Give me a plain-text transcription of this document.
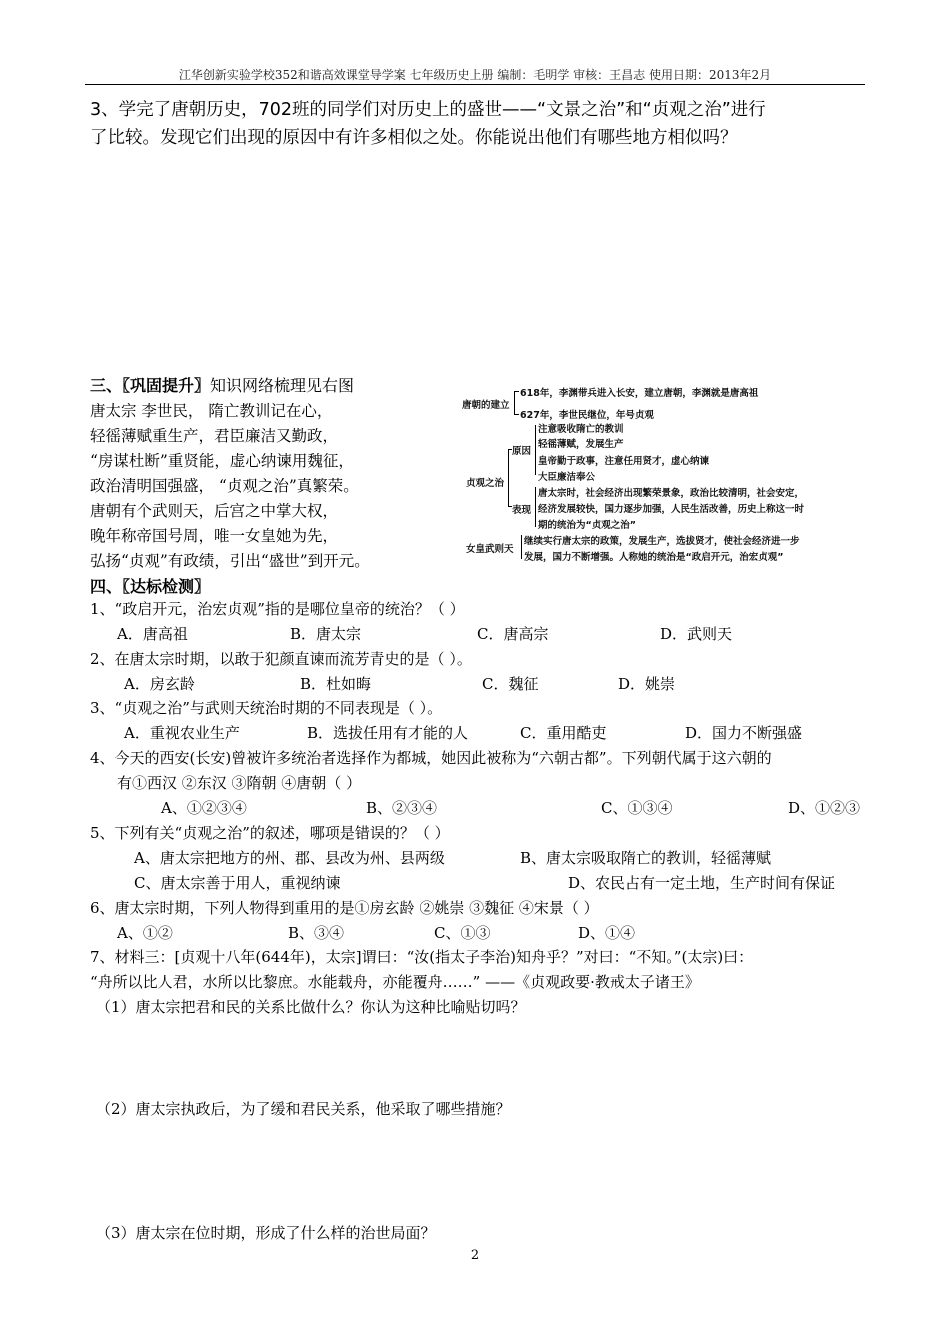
江华创新实验学校352和谐高效课堂导学案 七年级历史上册 编制：毛明学 审核：王昌志 使用日期：2013年2月
3、学完了唐朝历史，702班的同学们对历史上的盛世——“文景之治”和“贞观之治”进行
了比较。发现它们出现的原因中有许多相似之处。你能说出他们有哪些地方相似吗？
三、〖巩固提升〗知识网络梳理见右图
唐太宗 李世民， 隋亡教训记在心，
轻徭薄赋重生产，君臣廉洁又勤政，
“房谋杜断”重贤能，虚心纳谏用魏征，
政治清明国强盛， “贞观之治”真繁荣。
唐朝有个武则天，后宫之中掌大权，
晚年称帝国号周，唯一女皇她为先，
弘扬“贞观”有政绩，引出“盛世”到开元。
唐朝的建立
618年，李渊带兵进入长安，建立唐朝，李渊就是唐高祖
627年，李世民继位，年号贞观
贞观之治
原因
注意吸收隋亡的教训
轻徭薄赋，发展生产
皇帝勤于政事，注意任用贤才，虚心纳谏
大臣廉洁奉公
表现
唐太宗时，社会经济出现繁荣景象，政治比较清明，社会安定，
经济发展较快，国力逐步加强，人民生活改善，历史上称这一时
期的统治为“贞观之治”
女皇武则天
继续实行唐太宗的政策，发展生产，选拔贤才，使社会经济进一步
发展，国力不断增强。人称她的统治是“政启开元，治宏贞观”
四、〖达标检测〗
1、“政启开元，治宏贞观”指的是哪位皇帝的统治？（ ）
A．唐高祖	B．唐太宗	C．唐高宗	D．武则天
2、在唐太宗时期，以敢于犯颜直谏而流芳青史的是（ ）。
A．房玄龄	B．杜如晦	C．魏征	D．姚崇
3、“贞观之治”与武则天统治时期的不同表现是（ ）。
A．重视农业生产	B．选拔任用有才能的人	C．重用酷吏	D．国力不断强盛
4、今天的西安(长安)曾被许多统治者选择作为都城，她因此被称为“六朝古都”。下列朝代属于这六朝的
有①西汉 ②东汉 ③隋朝 ④唐朝（ ）
A、①②③④	B、②③④	C、①③④	D、①②③
5、下列有关“贞观之治”的叙述，哪项是错误的？（ ）
A、唐太宗把地方的州、郡、县改为州、县两级	B、唐太宗吸取隋亡的教训，轻徭薄赋
C、唐太宗善于用人，重视纳谏	D、农民占有一定土地，生产时间有保证
6、唐太宗时期，下列人物得到重用的是①房玄龄 ②姚崇 ③魏征 ④宋景（ ）
A、①②	B、③④	C、①③	D、①④
7、材料三：[贞观十八年(644年)，太宗]谓曰：“汝(指太子李治)知舟乎？”对曰：“不知。”(太宗)曰：
“舟所以比人君，水所以比黎庶。水能载舟，亦能覆舟……” ——《贞观政要·教戒太子诸王》
（1）唐太宗把君和民的关系比做什么？你认为这种比喻贴切吗？
（2）唐太宗执政后，为了缓和君民关系，他采取了哪些措施？
（3）唐太宗在位时期，形成了什么样的治世局面？
2
